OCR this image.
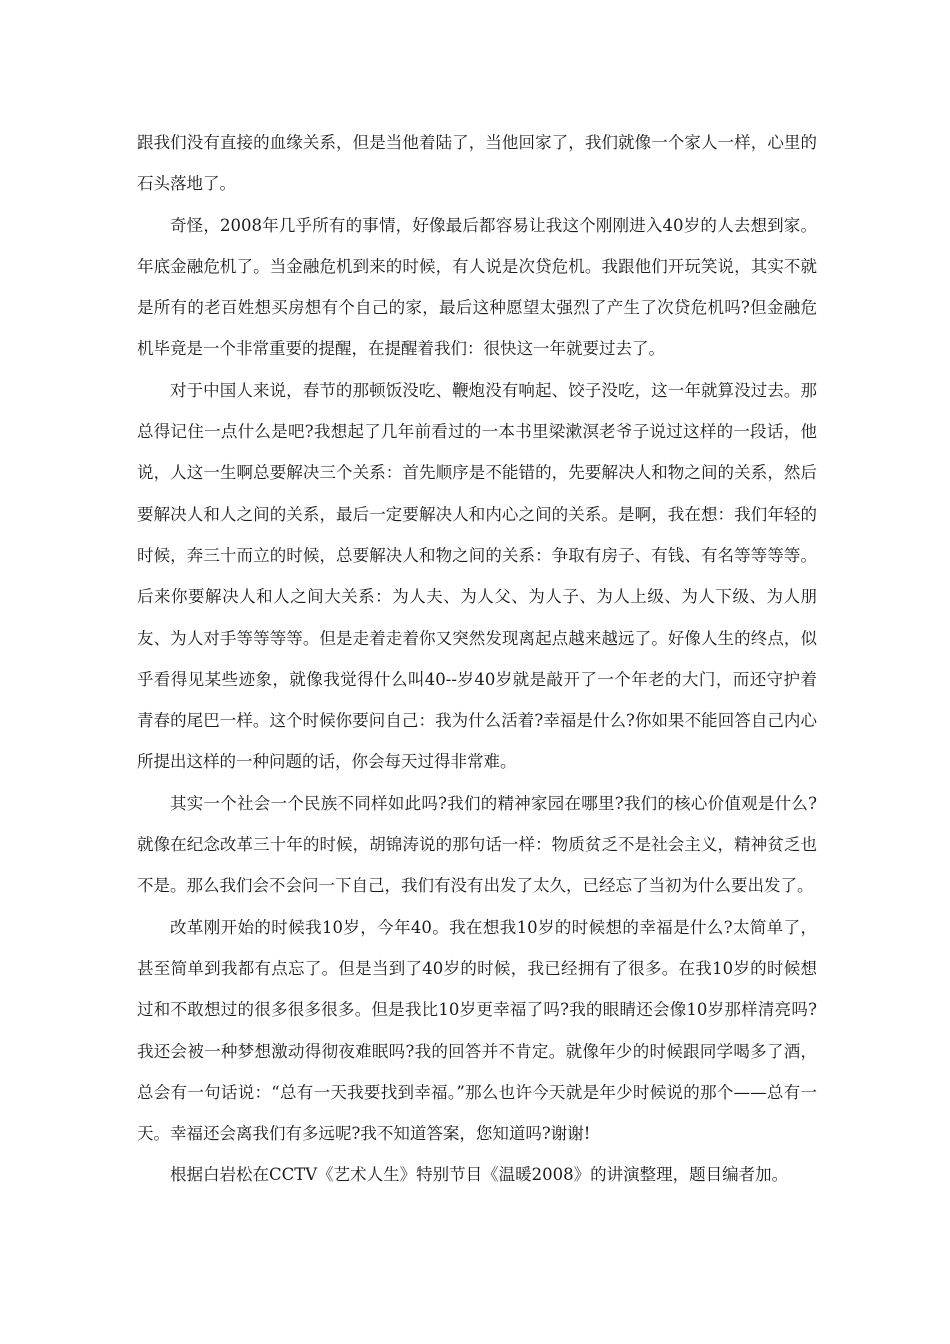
跟我们没有直接的血缘关系，但是当他着陆了，当他回家了，我们就像一个家人一样，心里的石头落地了。

奇怪，2008年几乎所有的事情，好像最后都容易让我这个刚刚进入40岁的人去想到家。年底金融危机了。当金融危机到来的时候，有人说是次贷危机。我跟他们开玩笑说，其实不就是所有的老百姓想买房想有个自己的家，最后这种愿望太强烈了产生了次贷危机吗?但金融危机毕竟是一个非常重要的提醒，在提醒着我们：很快这一年就要过去了。

对于中国人来说，春节的那顿饭没吃、鞭炮没有响起、饺子没吃，这一年就算没过去。那总得记住一点什么是吧?我想起了几年前看过的一本书里梁漱溟老爷子说过这样的一段话，他说，人这一生啊总要解决三个关系：首先顺序是不能错的，先要解决人和物之间的关系，然后要解决人和人之间的关系，最后一定要解决人和内心之间的关系。是啊，我在想：我们年轻的时候，奔三十而立的时候，总要解决人和物之间的关系：争取有房子、有钱、有名等等等等。后来你要解决人和人之间大关系：为人夫、为人父、为人子、为人上级、为人下级、为人朋友、为人对手等等等等。但是走着走着你又突然发现离起点越来越远了。好像人生的终点，似乎看得见某些迹象，就像我觉得什么叫40--岁40岁就是敲开了一个年老的大门，而还守护着青春的尾巴一样。这个时候你要问自己：我为什么活着?幸福是什么?你如果不能回答自己内心所提出这样的一种问题的话，你会每天过得非常难。

其实一个社会一个民族不同样如此吗?我们的精神家园在哪里?我们的核心价值观是什么?就像在纪念改革三十年的时候，胡锦涛说的那句话一样：物质贫乏不是社会主义，精神贫乏也不是。那么我们会不会问一下自己，我们有没有出发了太久，已经忘了当初为什么要出发了。

改革刚开始的时候我10岁，今年40。我在想我10岁的时候想的幸福是什么?太简单了，甚至简单到我都有点忘了。但是当到了40岁的时候，我已经拥有了很多。在我10岁的时候想过和不敢想过的很多很多很多。但是我比10岁更幸福了吗?我的眼睛还会像10岁那样清亮吗?我还会被一种梦想激动得彻夜难眠吗?我的回答并不肯定。就像年少的时候跟同学喝多了酒，总会有一句话说：“总有一天我要找到幸福。”那么也许今天就是年少时候说的那个——总有一天。幸福还会离我们有多远呢?我不知道答案，您知道吗?谢谢!

根据白岩松在CCTV《艺术人生》特别节目《温暖2008》的讲演整理，题目编者加。
